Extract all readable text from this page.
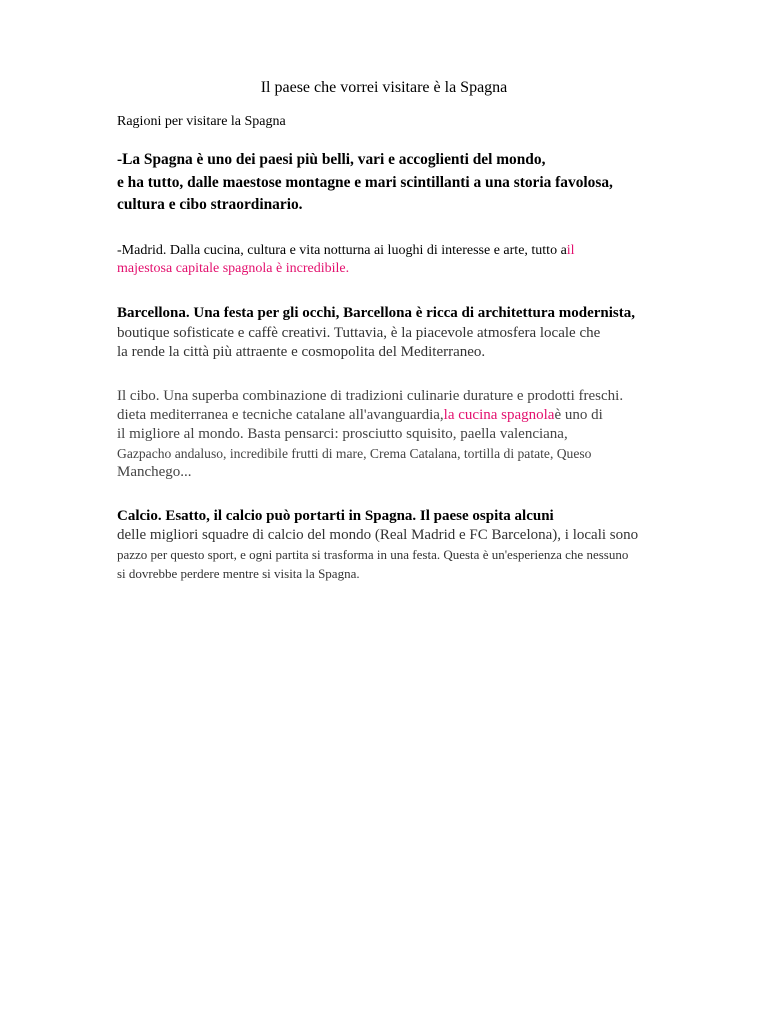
Il paese che vorrei visitare è la Spagna
Ragioni per visitare la Spagna
-La Spagna è uno dei paesi più belli, vari e accoglienti del mondo,
e ha tutto, dalle maestose montagne e mari scintillanti a una storia favolosa,
cultura e cibo straordinario.
-Madrid. Dalla cucina, cultura e vita notturna ai luoghi di interesse e arte, tutto ail
majestosa capitale spagnola è incredibile.
Barcellona. Una festa per gli occhi, Barcellona è ricca di architettura modernista,
boutique sofisticate e caffè creativi. Tuttavia, è la piacevole atmosfera locale che
la rende la città più attraente e cosmopolita del Mediterraneo.
Il cibo. Una superba combinazione di tradizioni culinarie durature e prodotti freschi.
dieta mediterranea e tecniche catalane all'avanguardia,la cucina spagnolaè uno di
il migliore al mondo. Basta pensarci: prosciutto squisito, paella valenciana,
Gazpacho andaluso, incredibile frutti di mare, Crema Catalana, tortilla di patate, Queso
Manchego...
Calcio. Esatto, il calcio può portarti in Spagna. Il paese ospita alcuni
delle migliori squadre di calcio del mondo (Real Madrid e FC Barcelona), i locali sono
pazzo per questo sport, e ogni partita si trasforma in una festa. Questa è un'esperienza che nessuno
si dovrebbe perdere mentre si visita la Spagna.
